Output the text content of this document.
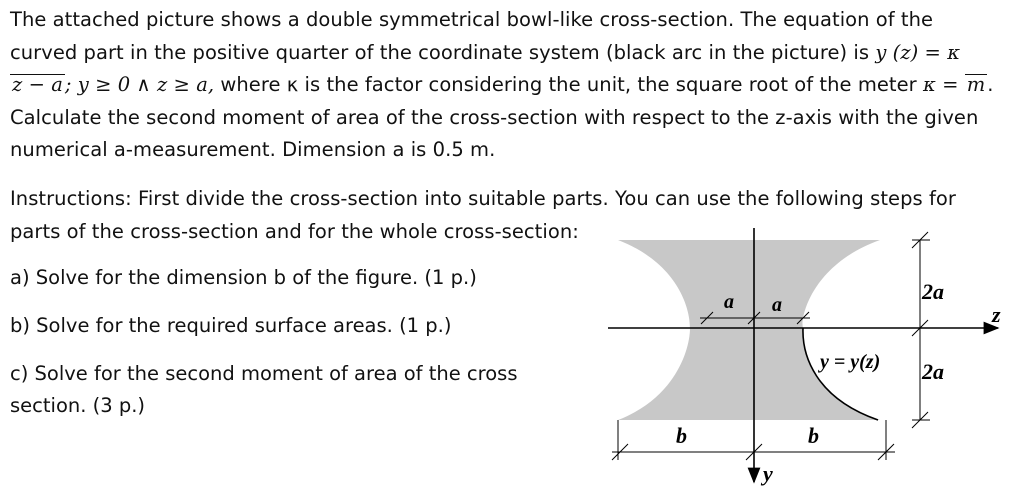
The attached picture shows a double symmetrical bowl-like cross-section. The equation of the curved part in the positive quarter of the coordinate system (black arc in the picture) is y (z) = κz − a ; y ≥ 0 ∧ z ≥ a, where κ is the factor considering the unit, the square root of the meter κ = m . Calculate the second moment of area of the cross-section with respect to the z-axis with the given numerical a-measurement. Dimension a is 0.5 m.
Instructions: First divide the cross-section into suitable parts. You can use the following steps for parts of the cross-section and for the whole cross-section:
a) Solve for the dimension b of the figure. (1 p.)
b) Solve for the required surface areas. (1 p.)
c) Solve for the second moment of area of the cross section. (3 p.)
a a
2a
2a
y = y(z)
b	b
z
y
